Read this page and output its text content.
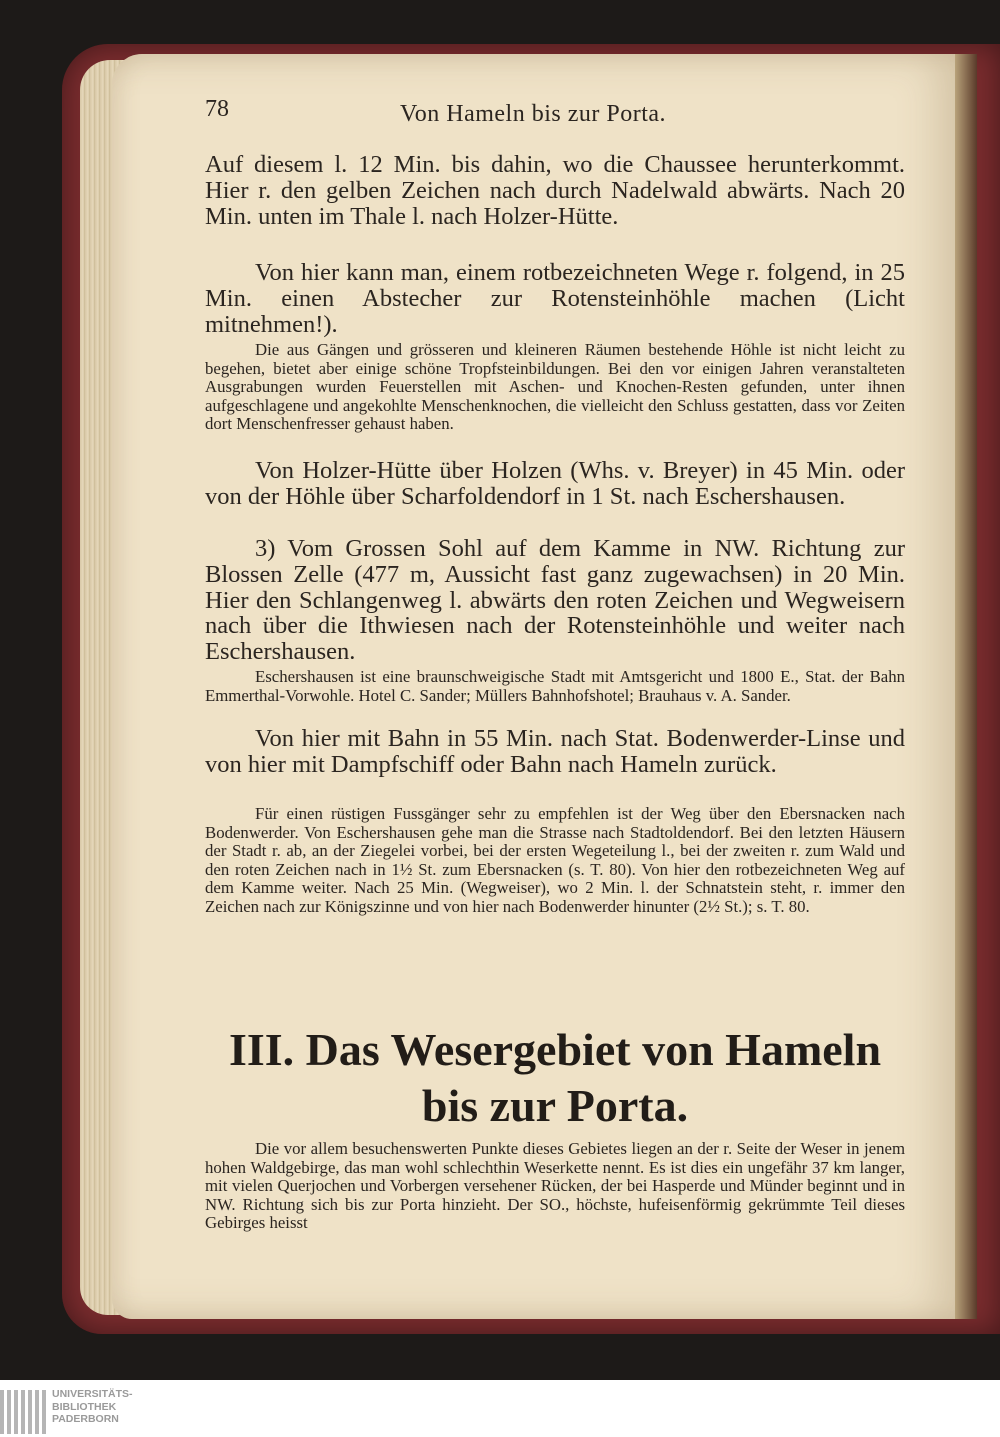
78	Von Hameln bis zur Porta.

Auf diesem l. 12 Min. bis dahin, wo die Chaussee herunterkommt. Hier r. den gelben Zeichen nach durch Nadelwald abwärts. Nach 20 Min. unten im Thale l. nach Holzer-Hütte.

Von hier kann man, einem rotbezeichneten Wege r. folgend, in 25 Min. einen Abstecher zur Rotensteinhöhle machen (Licht mitnehmen!).

Die aus Gängen und grösseren und kleineren Räumen bestehende Höhle ist nicht leicht zu begehen, bietet aber einige schöne Tropfsteinbildungen. Bei den vor einigen Jahren veranstalteten Ausgrabungen wurden Feuerstellen mit Aschen- und Knochen-Resten gefunden, unter ihnen aufgeschlagene und angekohlte Menschenknochen, die vielleicht den Schluss gestatten, dass vor Zeiten dort Menschenfresser gehaust haben.

Von Holzer-Hütte über Holzen (Whs. v. Breyer) in 45 Min. oder von der Höhle über Scharfoldendorf in 1 St. nach Eschershausen.

3) Vom Grossen Sohl auf dem Kamme in NW. Richtung zur Blossen Zelle (477 m, Aussicht fast ganz zugewachsen) in 20 Min. Hier den Schlangenweg l. abwärts den roten Zeichen und Wegweisern nach über die Ithwiesen nach der Rotensteinhöhle und weiter nach Eschershausen.

Eschershausen ist eine braunschweigische Stadt mit Amtsgericht und 1800 E., Stat. der Bahn Emmerthal-Vorwohle. Hotel C. Sander; Müllers Bahnhofshotel; Brauhaus v. A. Sander.

Von hier mit Bahn in 55 Min. nach Stat. Bodenwerder-Linse und von hier mit Dampfschiff oder Bahn nach Hameln zurück.

Für einen rüstigen Fussgänger sehr zu empfehlen ist der Weg über den Ebersnacken nach Bodenwerder. Von Eschershausen gehe man die Strasse nach Stadtoldendorf. Bei den letzten Häusern der Stadt r. ab, an der Ziegelei vorbei, bei der ersten Wegeteilung l., bei der zweiten r. zum Wald und den roten Zeichen nach in 1½ St. zum Ebersnacken (s. T. 80). Von hier den rotbezeichneten Weg auf dem Kamme weiter. Nach 25 Min. (Wegweiser), wo 2 Min. l. der Schnatstein steht, r. immer den Zeichen nach zur Königszinne und von hier nach Bodenwerder hinunter (2½ St.); s. T. 80.

III. Das Wesergebiet von Hameln
bis zur Porta.

Die vor allem besuchenswerten Punkte dieses Gebietes liegen an der r. Seite der Weser in jenem hohen Waldgebirge, das man wohl schlechthin Weserkette nennt. Es ist dies ein ungefähr 37 km langer, mit vielen Querjochen und Vorbergen versehener Rücken, der bei Hasperde und Münder beginnt und in NW. Richtung sich bis zur Porta hinzieht. Der SO., höchste, hufeisenförmig gekrümmte Teil dieses Gebirges heisst

UNIVERSITÄTS-
BIBLIOTHEK
PADERBORN
